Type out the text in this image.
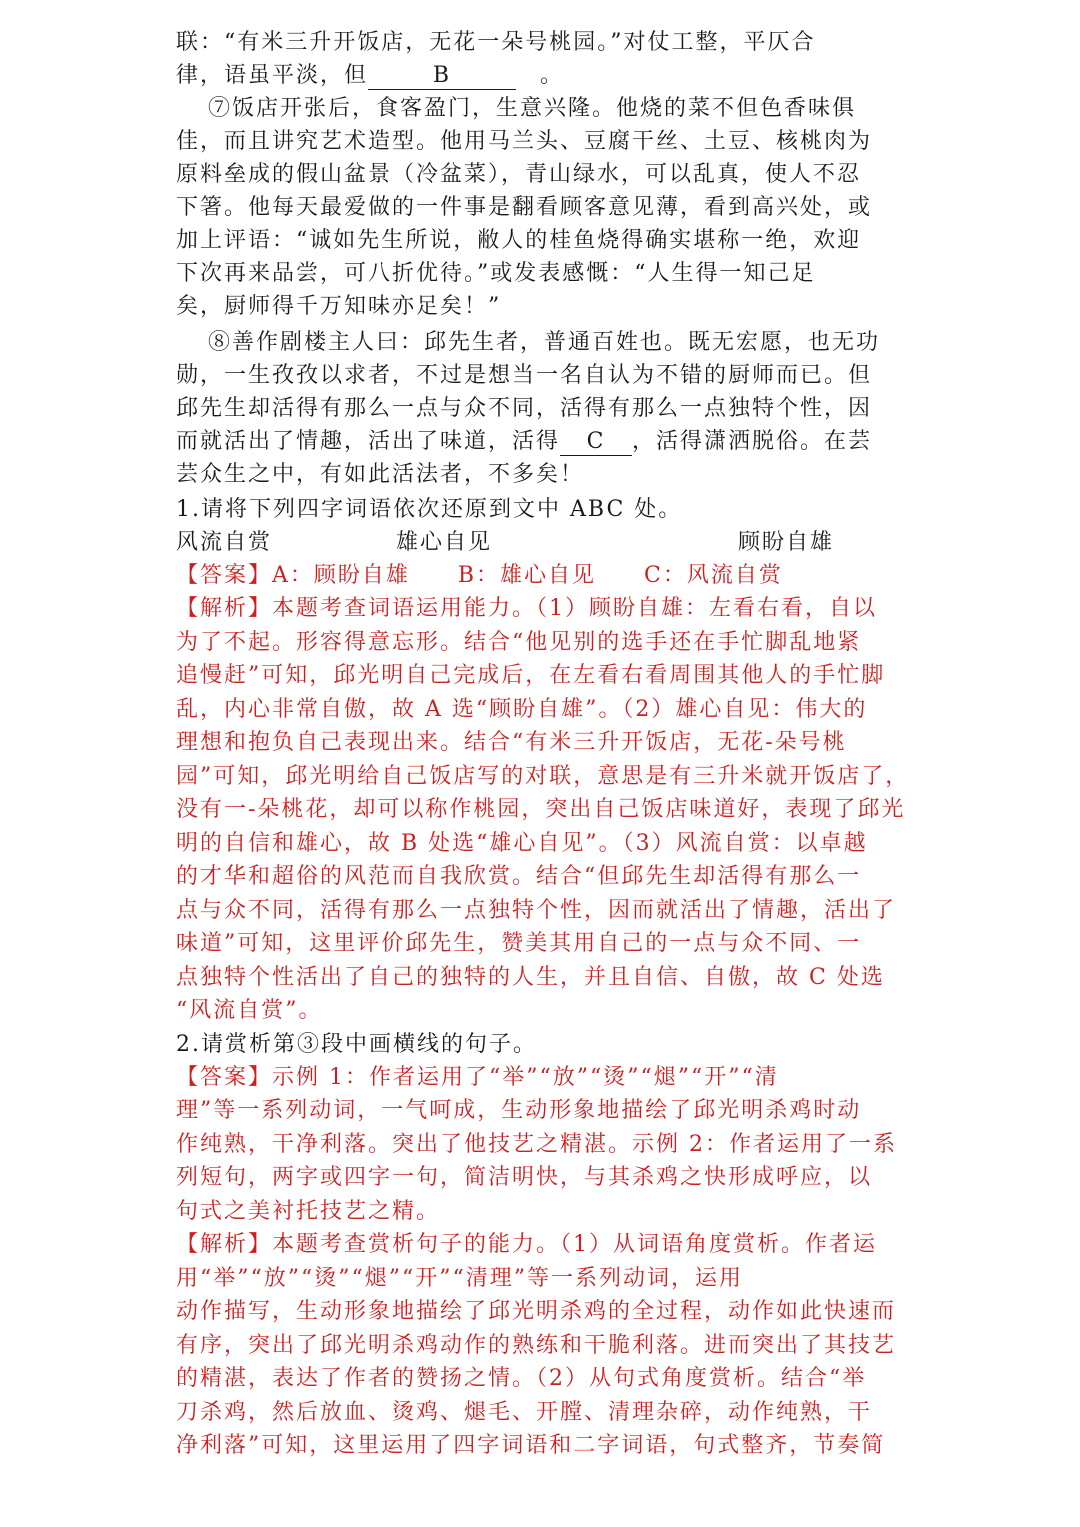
联：“有米三升开饭店，无花一朵号桃园。”对仗工整，平仄合
律，语虽平淡，但	B	　。
⑦饭店开张后，食客盈门，生意兴隆。他烧的菜不但色香味俱
佳，而且讲究艺术造型。他用马兰头、豆腐干丝、土豆、核桃肉为
原料垒成的假山盆景（冷盆菜），青山绿水，可以乱真，使人不忍
下箸。他每天最爱做的一件事是翻看顾客意见薄，看到高兴处，或
加上评语：“诚如先生所说，敝人的桂鱼烧得确实堪称一绝，欢迎
下次再来品尝，可八折优待。”或发表感慨：“人生得一知己足
矣，厨师得千万知味亦足矣！”
⑧善作剧楼主人曰：邱先生者，普通百姓也。既无宏愿，也无功
勋，一生孜孜以求者，不过是想当一名自认为不错的厨师而已。但
邱先生却活得有那么一点与众不同，活得有那么一点独特个性，因
而就活出了情趣，活出了味道，活得 C ，活得潇洒脱俗。在芸
芸众生之中，有如此活法者，不多矣！
1.请将下列四字词语依次还原到文中 ABC 处。
风流自赏	雄心自见	顾盼自雄
【答案】A：顾盼自雄　　B：雄心自见　　C：风流自赏
【解析】本题考查词语运用能力。（1）顾盼自雄：左看右看，自以
为了不起。形容得意忘形。结合“他见别的选手还在手忙脚乱地紧
追慢赶”可知，邱光明自己完成后，在左看右看周围其他人的手忙脚
乱，内心非常自傲，故 A 选“顾盼自雄”。（2）雄心自见：伟大的
理想和抱负自己表现出来。结合“有米三升开饭店，无花-朵号桃
园”可知，邱光明给自己饭店写的对联，意思是有三升米就开饭店了，
没有一-朵桃花，却可以称作桃园，突出自己饭店味道好，表现了邱光
明的自信和雄心，故 B 处选“雄心自见”。（3）风流自赏：以卓越
的才华和超俗的风范而自我欣赏。结合“但邱先生却活得有那么一
点与众不同，活得有那么一点独特个性，因而就活出了情趣，活出了
味道”可知，这里评价邱先生，赞美其用自己的一点与众不同、一
点独特个性活出了自己的独特的人生，并且自信、自傲，故 C 处选
“风流自赏”。
2.请赏析第③段中画横线的句子。
【答案】示例 1：作者运用了“举”“放”“烫”“煺”“开”“清
理”等一系列动词，一气呵成，生动形象地描绘了邱光明杀鸡时动
作纯熟，干净利落。突出了他技艺之精湛。示例 2：作者运用了一系
列短句，两字或四字一句，简洁明快，与其杀鸡之快形成呼应，以
句式之美衬托技艺之精。
【解析】本题考查赏析句子的能力。（1）从词语角度赏析。作者运
用“举”“放”“烫”“煺”“开”“清理”等一系列动词，运用
动作描写，生动形象地描绘了邱光明杀鸡的全过程，动作如此快速而
有序，突出了邱光明杀鸡动作的熟练和干脆利落。进而突出了其技艺
的精湛，表达了作者的赞扬之情。（2）从句式角度赏析。结合“举
刀杀鸡，然后放血、烫鸡、煺毛、开膛、清理杂碎，动作纯熟，干
净利落”可知，这里运用了四字词语和二字词语，句式整齐，节奏简
